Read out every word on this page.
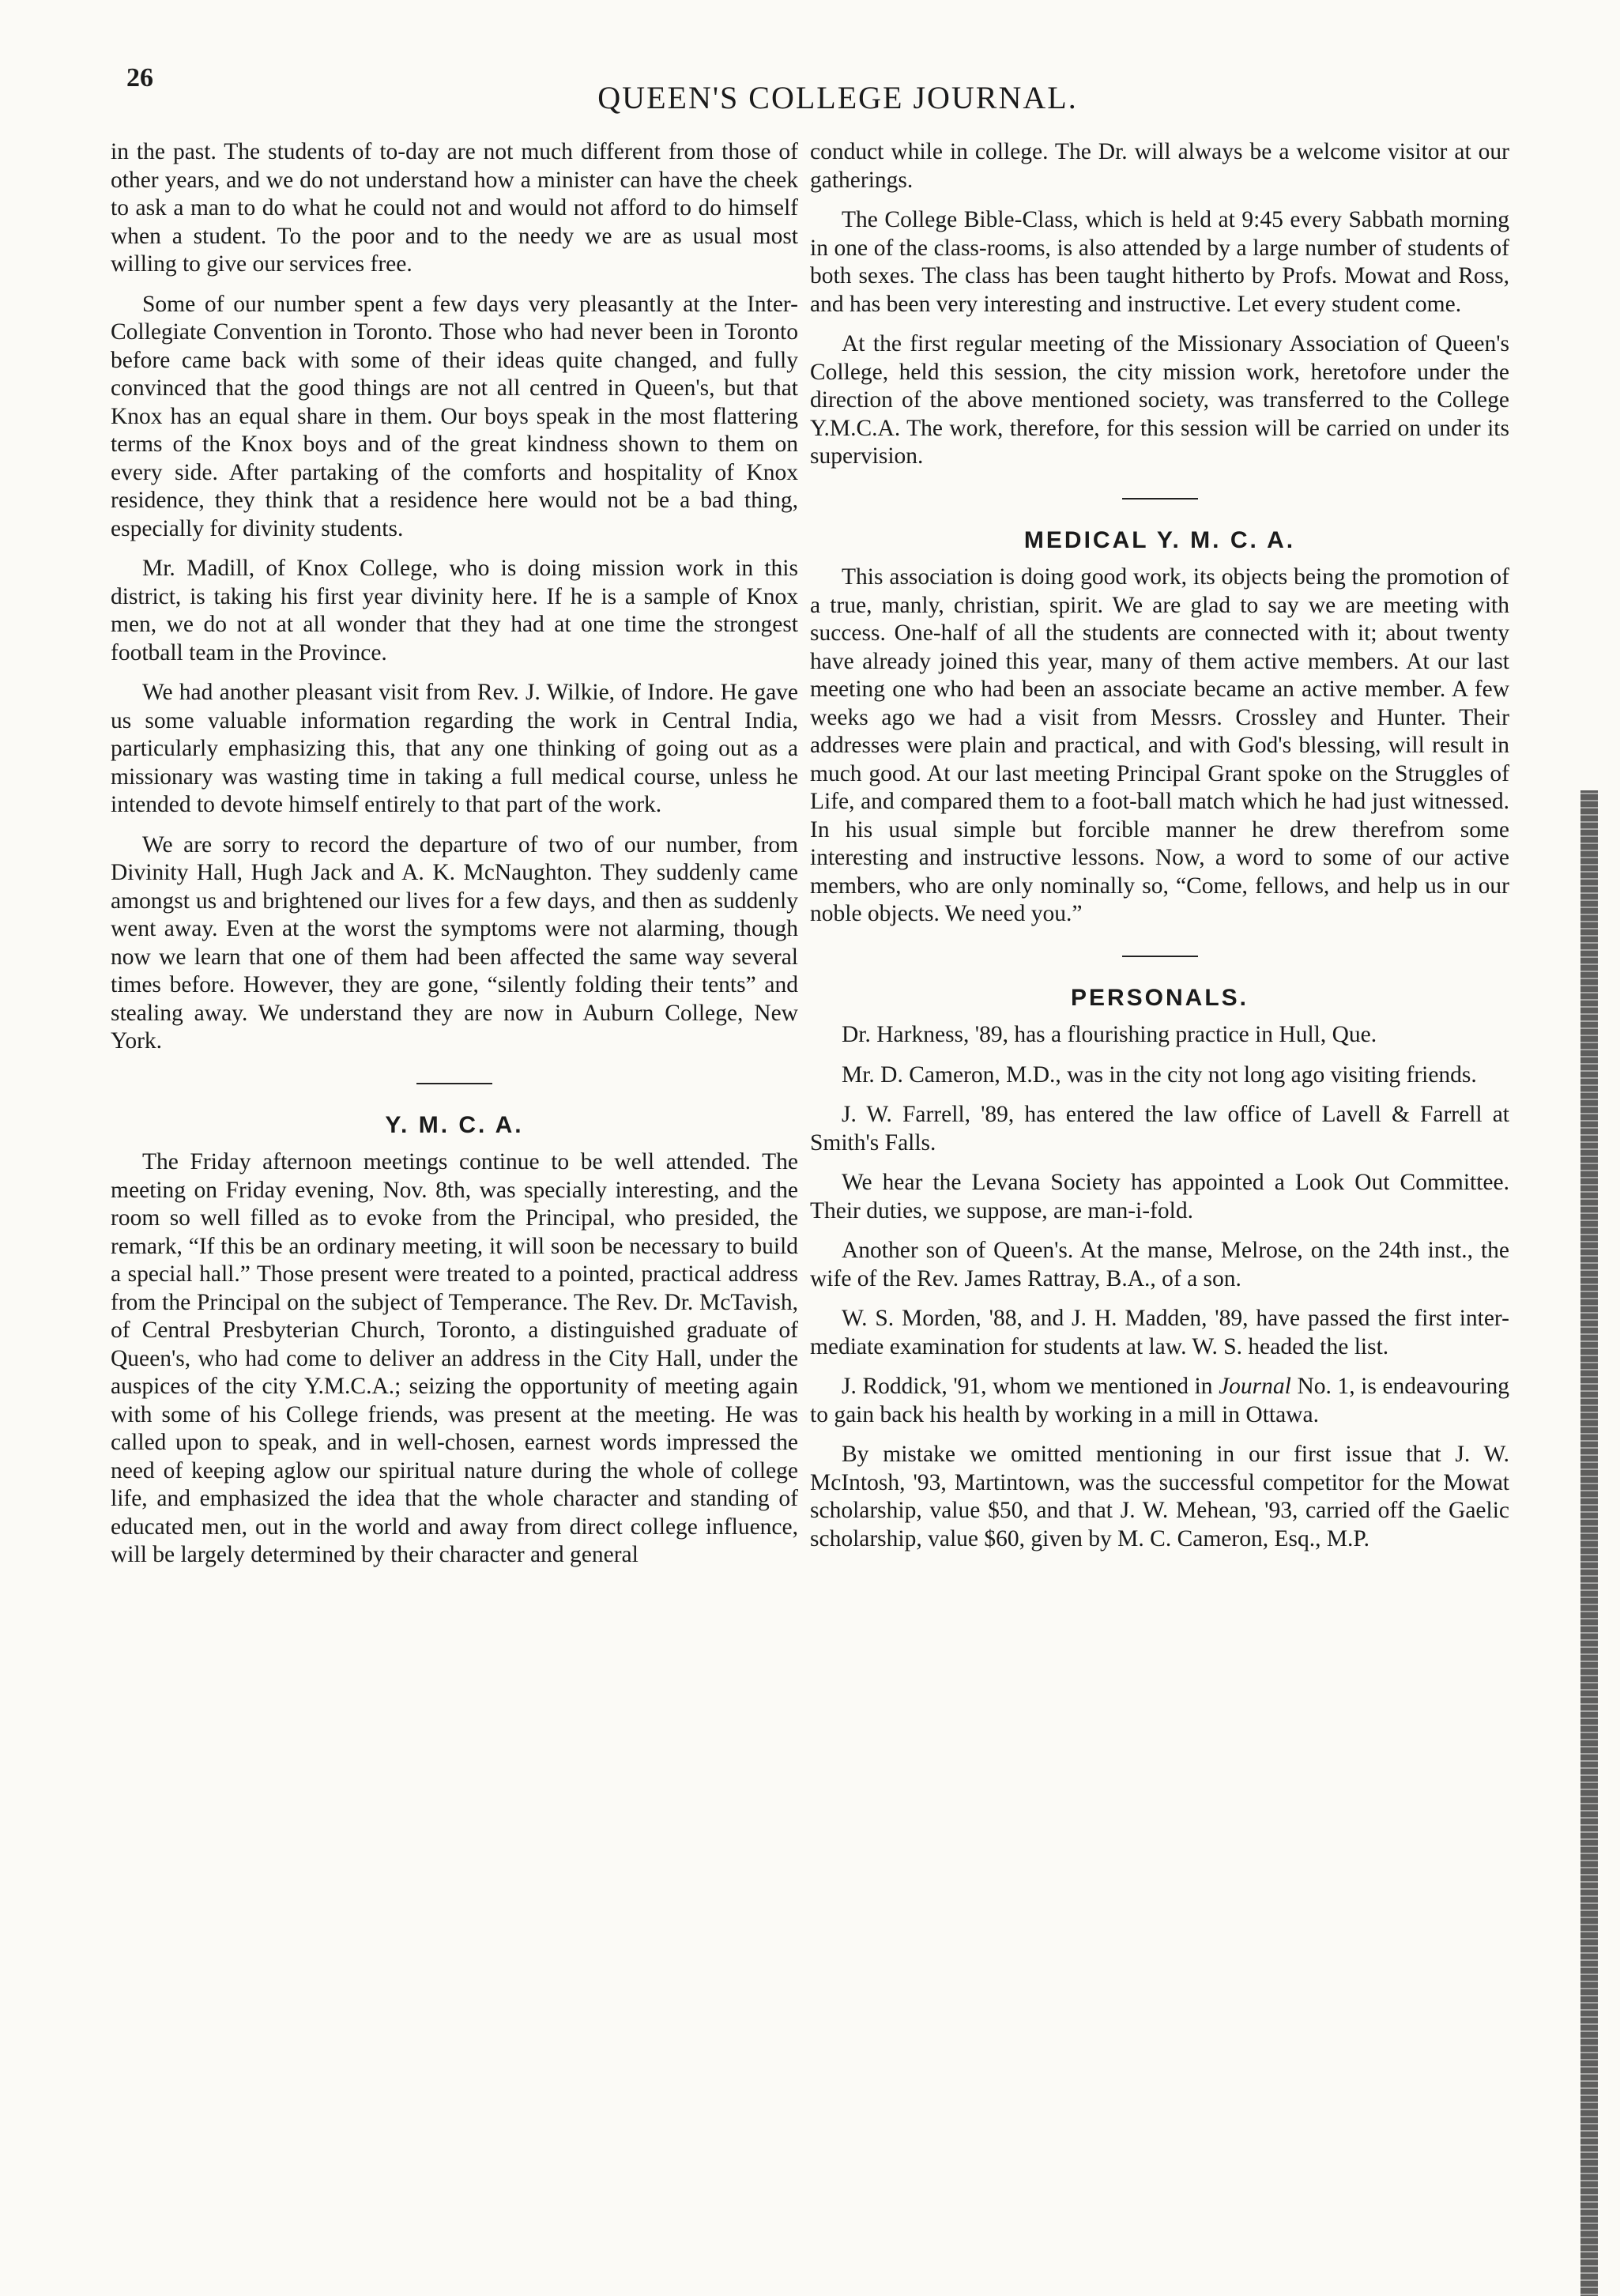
26
QUEEN'S COLLEGE JOURNAL.

in the past. The students of to-day are not much different from those of other years, and we do not understand how a minister can have the cheek to ask a man to do what he could not and would not afford to do himself when a student. To the poor and to the needy we are as usual most willing to give our services free.

Some of our number spent a few days very pleasantly at the Inter-Collegiate Convention in Toronto. Those who had never been in Toronto before came back with some of their ideas quite changed, and fully convinced that the good things are not all centred in Queen's, but that Knox has an equal share in them. Our boys speak in the most flattering terms of the Knox boys and of the great kindness shown to them on every side. After partaking of the comforts and hospitality of Knox residence, they think that a residence here would not be a bad thing, especially for divinity students.

Mr. Madill, of Knox College, who is doing mission work in this district, is taking his first year divinity here. If he is a sample of Knox men, we do not at all wonder that they had at one time the strongest football team in the Province.

We had another pleasant visit from Rev. J. Wilkie, of Indore. He gave us some valuable information regarding the work in Central India, particularly emphasizing this, that any one thinking of going out as a missionary was wasting time in taking a full medical course, unless he intended to devote himself entirely to that part of the work.

We are sorry to record the departure of two of our number, from Divinity Hall, Hugh Jack and A. K. McNaughton. They suddenly came amongst us and brightened our lives for a few days, and then as suddenly went away. Even at the worst the symptoms were not alarming, though now we learn that one of them had been affected the same way several times before. However, they are gone, “silently folding their tents” and stealing away. We understand they are now in Auburn College, New York.

Y. M. C. A.

The Friday afternoon meetings continue to be well attended. The meeting on Friday evening, Nov. 8th, was specially interesting, and the room so well filled as to evoke from the Principal, who presided, the remark, “If this be an ordinary meeting, it will soon be necessary to build a special hall.” Those present were treated to a pointed, practical address from the Principal on the subject of Temperance. The Rev. Dr. McTavish, of Central Presbyterian Church, Toronto, a distinguished graduate of Queen's, who had come to deliver an address in the City Hall, under the auspices of the city Y.M.C.A.; seizing the opportunity of meeting again with some of his College friends, was present at the meeting. He was called upon to speak, and in well-chosen, earnest words impressed the need of keeping aglow our spiritual nature during the whole of college life, and emphasized the idea that the whole character and standing of educated men, out in the world and away from direct college influence, will be largely determined by their character and general

conduct while in college. The Dr. will always be a welcome visitor at our gatherings.

The College Bible-Class, which is held at 9:45 every Sabbath morning in one of the class-rooms, is also attended by a large number of students of both sexes. The class has been taught hitherto by Profs. Mowat and Ross, and has been very interesting and instructive. Let every student come.

At the first regular meeting of the Missionary Association of Queen's College, held this session, the city mission work, heretofore under the direction of the above mentioned society, was transferred to the College Y.M.C.A. The work, therefore, for this session will be carried on under its supervision.

MEDICAL Y. M. C. A.

This association is doing good work, its objects being the promotion of a true, manly, christian, spirit. We are glad to say we are meeting with success. One-half of all the students are connected with it; about twenty have already joined this year, many of them active members. At our last meeting one who had been an associate became an active member. A few weeks ago we had a visit from Messrs. Crossley and Hunter. Their addresses were plain and practical, and with God's blessing, will result in much good. At our last meeting Principal Grant spoke on the Struggles of Life, and compared them to a foot-ball match which he had just witnessed. In his usual simple but forcible manner he drew therefrom some interesting and instructive lessons. Now, a word to some of our active members, who are only nominally so, “Come, fellows, and help us in our noble objects. We need you.”

PERSONALS.

Dr. Harkness, '89, has a flourishing practice in Hull, Que.

Mr. D. Cameron, M.D., was in the city not long ago visiting friends.

J. W. Farrell, '89, has entered the law office of Lavell & Farrell at Smith's Falls.

We hear the Levana Society has appointed a Look Out Committee. Their duties, we suppose, are man-i-fold.

Another son of Queen's. At the manse, Melrose, on the 24th inst., the wife of the Rev. James Rattray, B.A., of a son.

W. S. Morden, '88, and J. H. Madden, '89, have passed the first inter-mediate examination for students at law. W. S. headed the list.

J. Roddick, '91, whom we mentioned in Journal No. 1, is endeavouring to gain back his health by working in a mill in Ottawa.

By mistake we omitted mentioning in our first issue that J. W. McIntosh, '93, Martintown, was the successful competitor for the Mowat scholarship, value $50, and that J. W. Mehean, '93, carried off the Gaelic scholarship, value $60, given by M. C. Cameron, Esq., M.P.
